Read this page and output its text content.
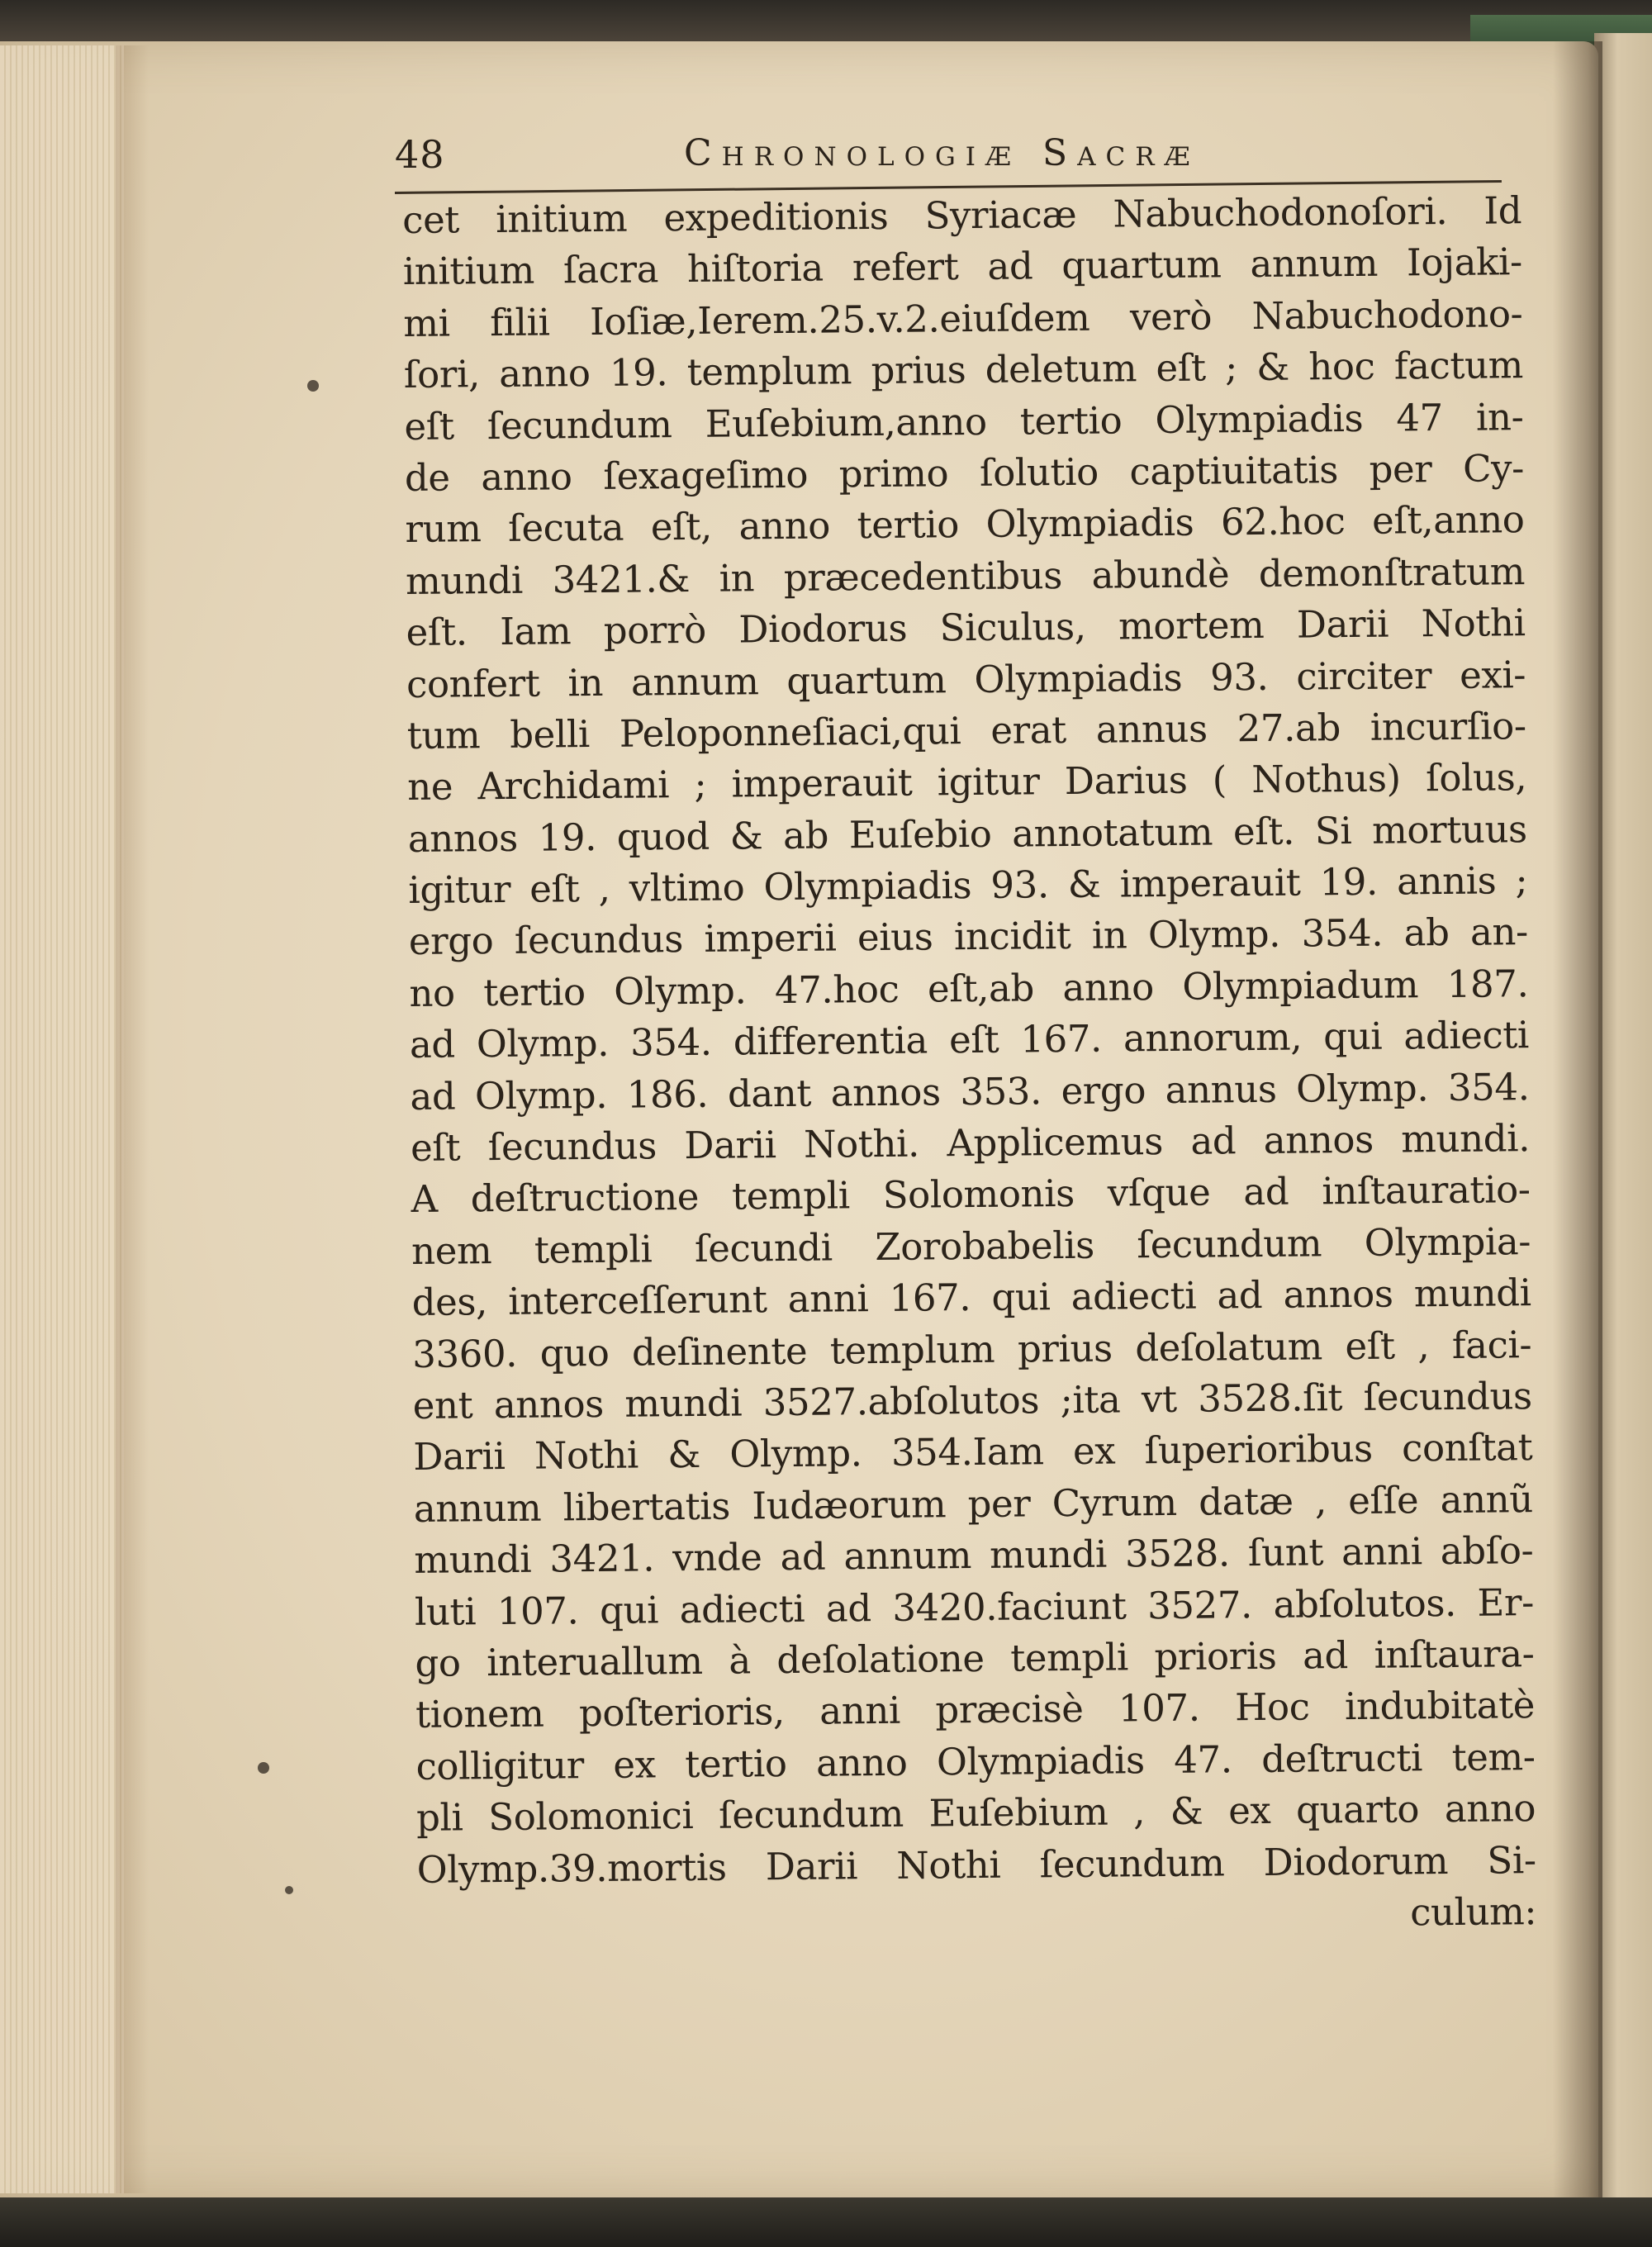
48	Chronologiæ Sacræ
cet initium expeditionis Syriacæ Nabuchodonoſori. Id
initium ſacra hiſtoria refert ad quartum annum Iojaki-
mi filii Ioſiæ,Ierem.25.v.2.eiuſdem verò Nabuchodono-
ſori, anno 19. templum prius deletum eſt ; & hoc factum
eſt ſecundum Euſebium,anno tertio Olympiadis 47 in-
de anno ſexageſimo primo ſolutio captiuitatis per Cy-
rum ſecuta eſt, anno tertio Olympiadis 62.hoc eſt,anno
mundi 3421.& in præcedentibus abundè demonſtratum
eſt. Iam porrò Diodorus Siculus, mortem Darii Nothi
confert in annum quartum Olympiadis 93. circiter exi-
tum belli Peloponneſiaci,qui erat annus 27.ab incurſio-
ne Archidami ; imperauit igitur Darius ( Nothus) ſolus,
annos 19. quod & ab Euſebio annotatum eſt. Si mortuus
igitur eſt , vltimo Olympiadis 93. & imperauit 19. annis ;
ergo ſecundus imperii eius incidit in Olymp. 354. ab an-
no tertio Olymp. 47.hoc eſt,ab anno Olympiadum 187.
ad Olymp. 354. differentia eſt 167. annorum, qui adiecti
ad Olymp. 186. dant annos 353. ergo annus Olymp. 354.
eſt ſecundus Darii Nothi. Applicemus ad annos mundi.
A deſtructione templi Solomonis vſque ad inſtauratio-
nem templi ſecundi Zorobabelis ſecundum Olympia-
des, interceſſerunt anni 167. qui adiecti ad annos mundi
3360. quo deſinente templum prius deſolatum eſt , faci-
ent annos mundi 3527.abſolutos ;ita vt 3528.ſit ſecundus
Darii Nothi & Olymp. 354.Iam ex ſuperioribus conſtat
annum libertatis Iudæorum per Cyrum datæ , eſſe annũ
mundi 3421. vnde ad annum mundi 3528. ſunt anni abſo-
luti 107. qui adiecti ad 3420.faciunt 3527. abſolutos. Er-
go interuallum à deſolatione templi prioris ad inſtaura-
tionem poſterioris, anni præcisè 107. Hoc indubitatè
colligitur ex tertio anno Olympiadis 47. deſtructi tem-
pli Solomonici ſecundum Euſebium , & ex quarto anno
Olymp.39.mortis Darii Nothi ſecundum Diodorum Si-
culum:
